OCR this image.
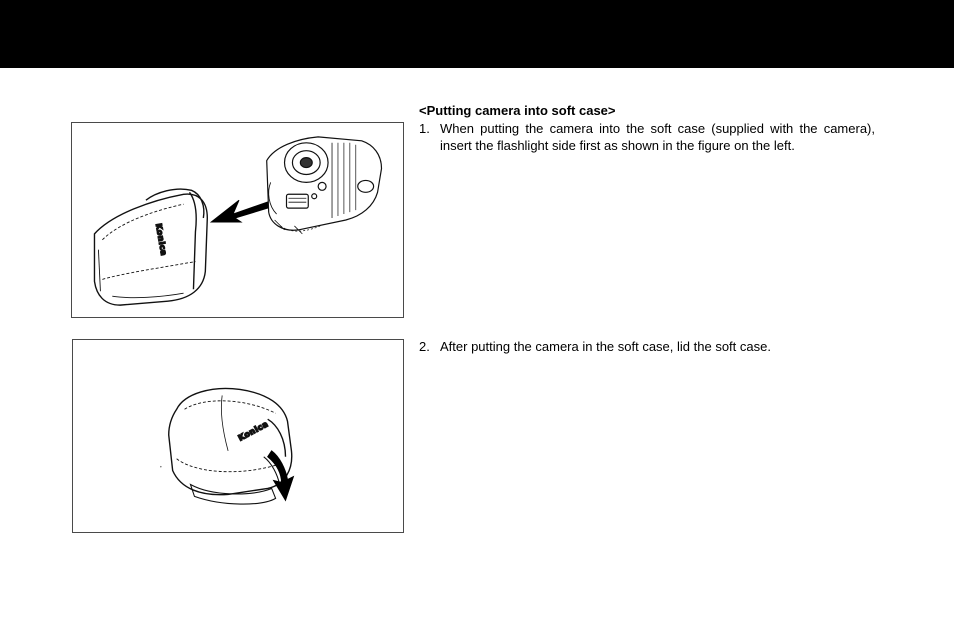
Konica
Konica
<Putting camera into soft case>
1. When putting the camera into the soft case (supplied with the camera), insert the flashlight side first as shown in the figure on the left.
2. After putting the camera in the soft case, lid the soft case.
